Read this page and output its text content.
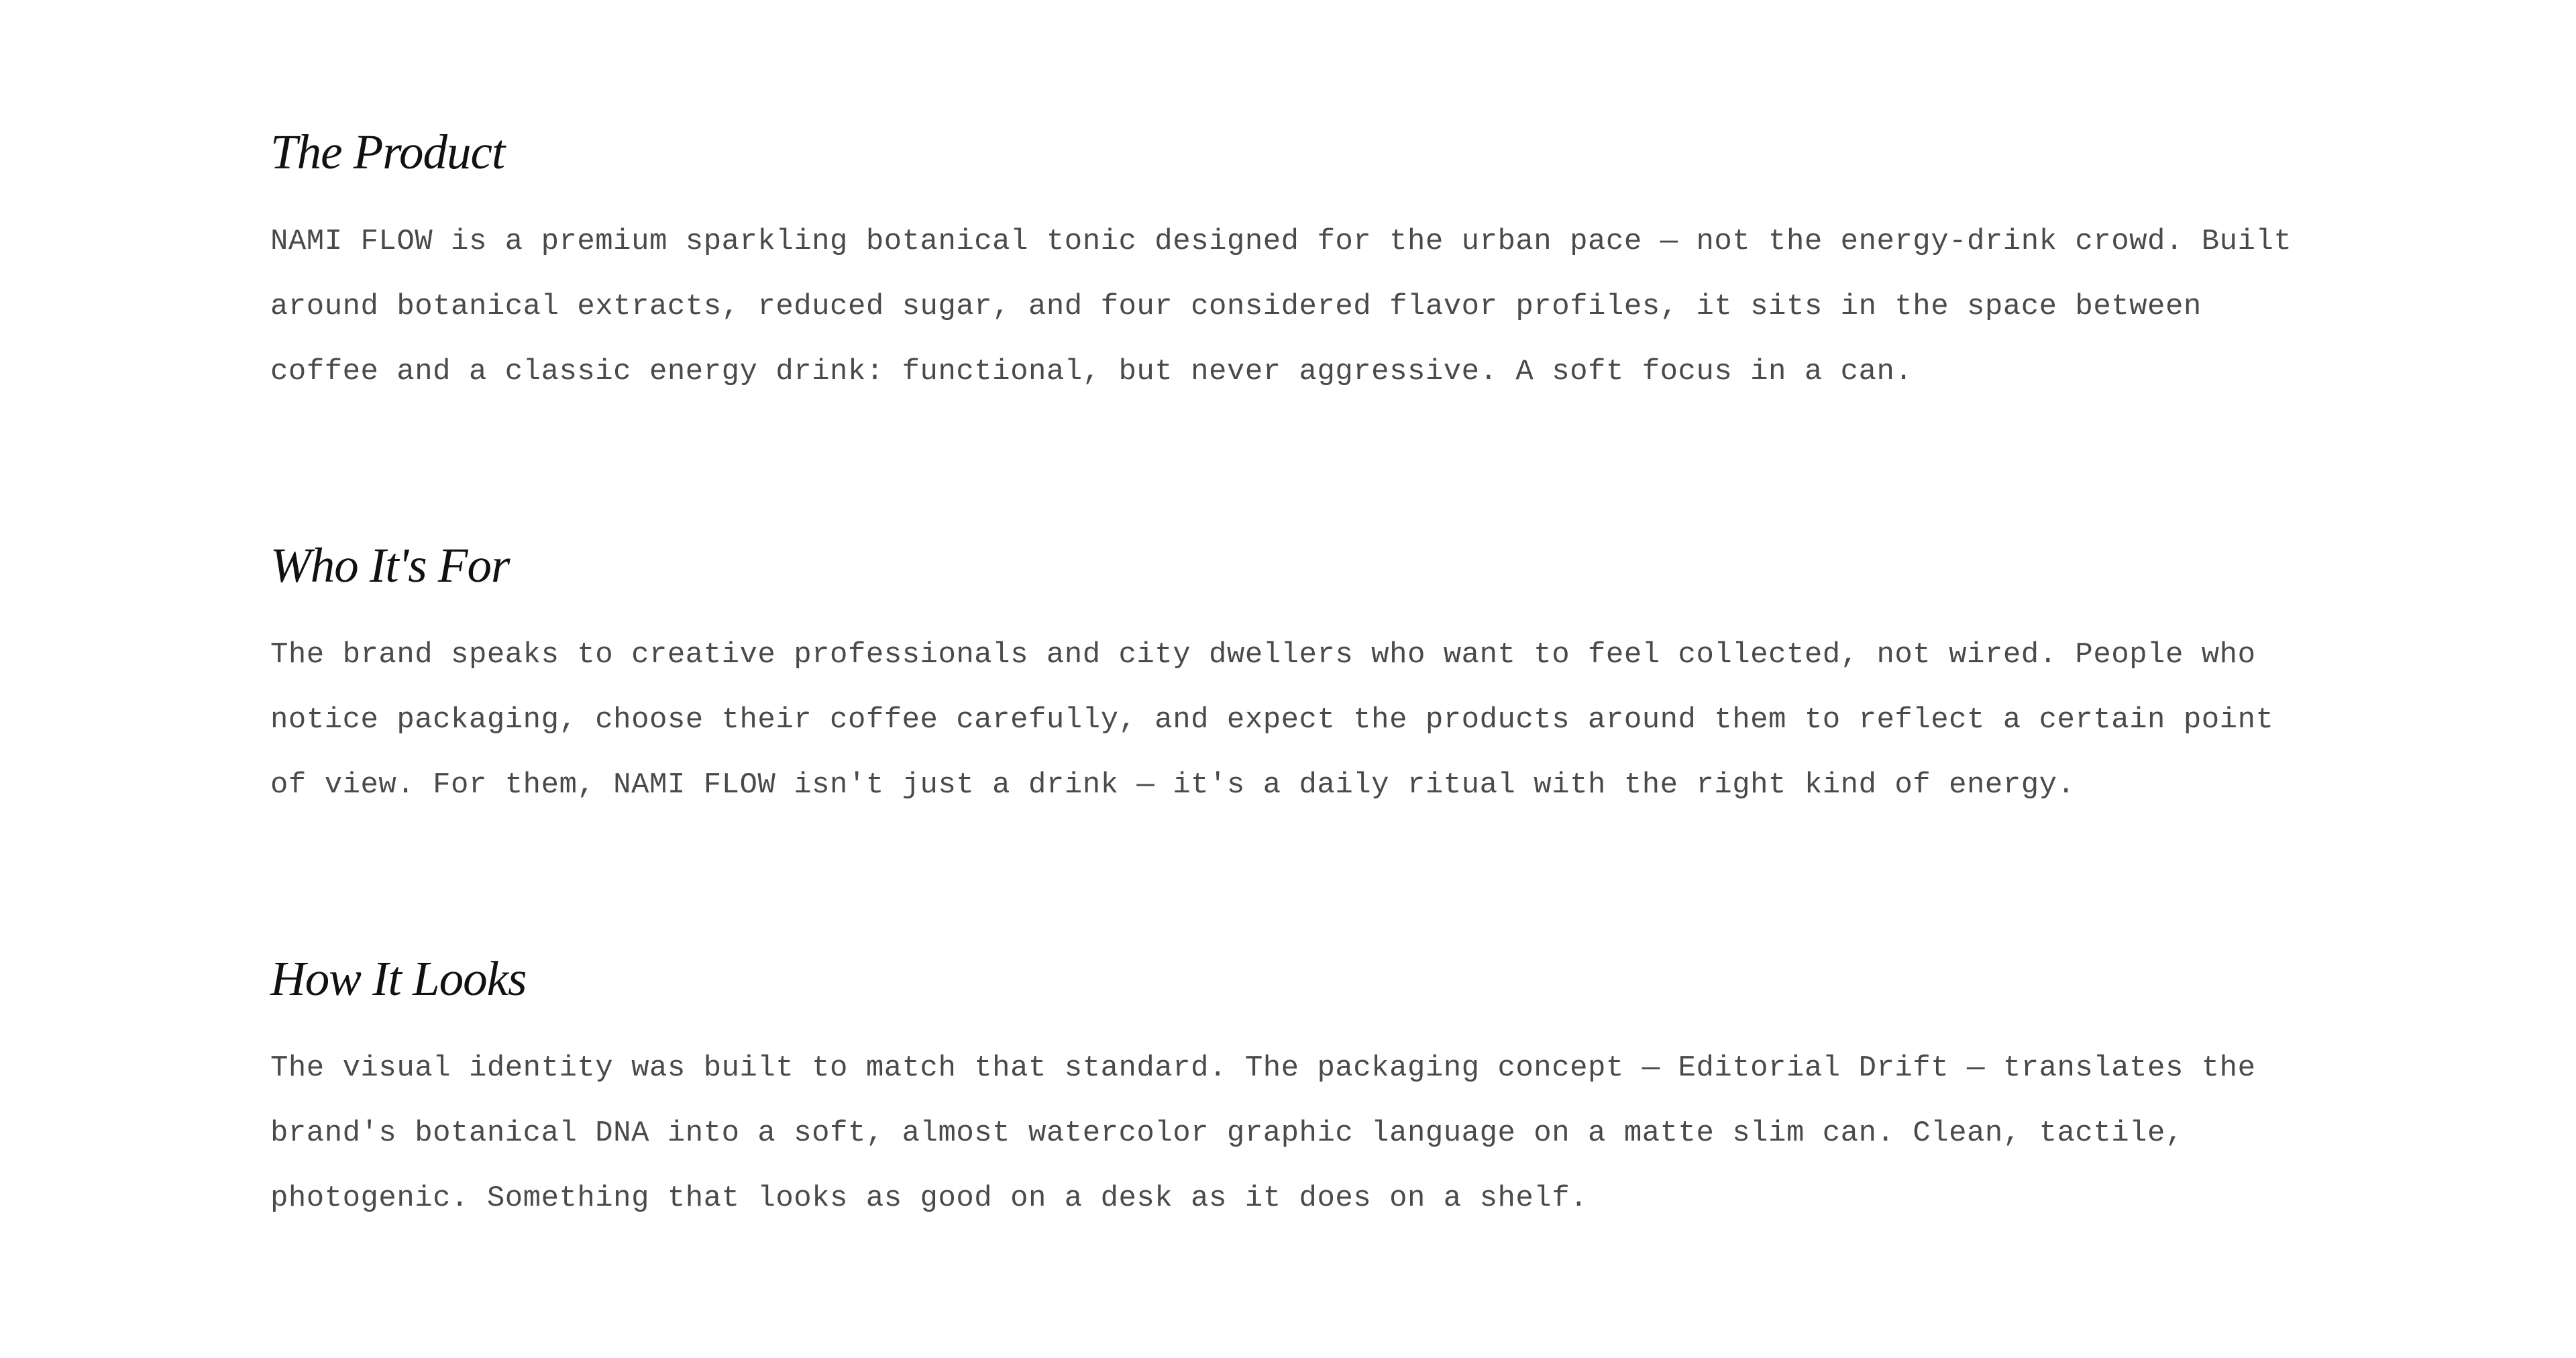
The Product

NAMI FLOW is a premium sparkling botanical tonic designed for the urban pace — not the energy-drink crowd. Built around botanical extracts, reduced sugar, and four considered flavor profiles, it sits in the space between coffee and a classic energy drink: functional, but never aggressive. A soft focus in a can.

Who It's For

The brand speaks to creative professionals and city dwellers who want to feel collected, not wired. People who notice packaging, choose their coffee carefully, and expect the products around them to reflect a certain point of view. For them, NAMI FLOW isn't just a drink — it's a daily ritual with the right kind of energy.

How It Looks

The visual identity was built to match that standard. The packaging concept — Editorial Drift — translates the brand's botanical DNA into a soft, almost watercolor graphic language on a matte slim can. Clean, tactile, photogenic. Something that looks as good on a desk as it does on a shelf.
